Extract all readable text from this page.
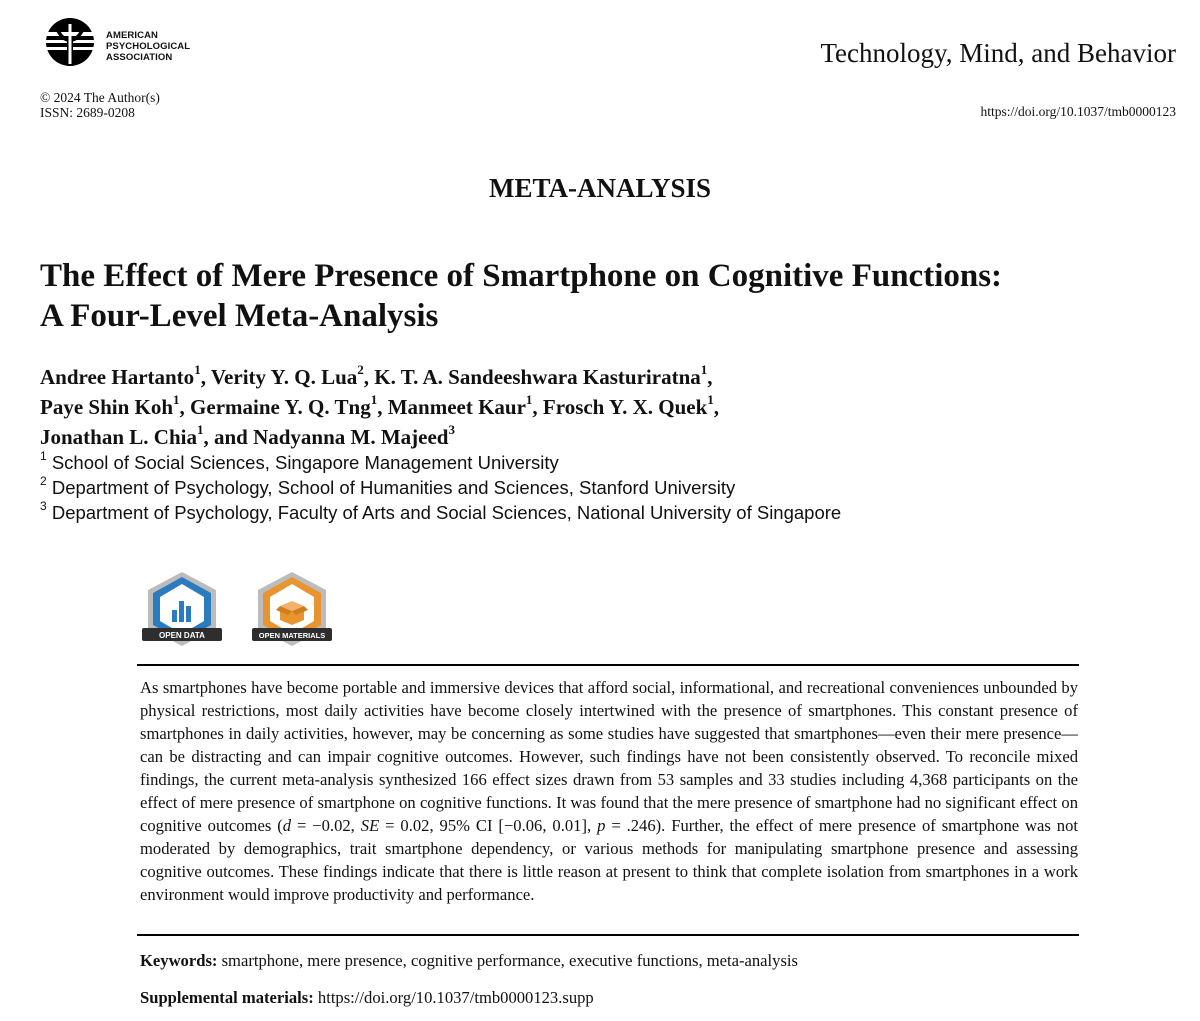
AMERICAN
PSYCHOLOGICAL
ASSOCIATION	Technology, Mind, and Behavior
© 2024 The Author(s)
ISSN: 2689-0208	https://doi.org/10.1037/tmb0000123
META-ANALYSIS
The Effect of Mere Presence of Smartphone on Cognitive Functions:
A Four-Level Meta-Analysis
Andree Hartanto$^1$, Verity Y. Q. Lua$^2$, K. T. A. Sandeeshwara Kasturiratna$^1$,
Paye Shin Koh$^1$, Germaine Y. Q. Tng$^1$, Manmeet Kaur$^1$, Frosch Y. X. Quek$^1$,
Jonathan L. Chia$^1$, and Nadyanna M. Majeed$^3$
$^1$ School of Social Sciences, Singapore Management University
$^2$ Department of Psychology, School of Humanities and Sciences, Stanford University
$^3$ Department of Psychology, Faculty of Arts and Social Sciences, National University of Singapore
OPEN DATA	OPEN MATERIALS
As smartphones have become portable and immersive devices that afford social, informational, and recreational conveniences unbounded by physical restrictions, most daily activities have become closely intertwined with the presence of smartphones. This constant presence of smartphones in daily activities, however, may be concerning as some studies have suggested that smartphones—even their mere presence—can be distracting and can impair cognitive outcomes. However, such findings have not been consistently observed. To reconcile mixed findings, the current meta-analysis synthesized 166 effect sizes drawn from 53 samples and 33 studies including 4,368 participants on the effect of mere presence of smartphone on cognitive functions. It was found that the mere presence of smartphone had no significant effect on cognitive outcomes (d = −0.02, SE = 0.02, 95% CI [−0.06, 0.01], p = .246). Further, the effect of mere presence of smartphone was not moderated by demographics, trait smartphone dependency, or various methods for manipulating smartphone presence and assessing cognitive outcomes. These findings indicate that there is little reason at present to think that complete isolation from smartphones in a work environment would improve productivity and performance.
Keywords: smartphone, mere presence, cognitive performance, executive functions, meta-analysis
Supplemental materials: https://doi.org/10.1037/tmb0000123.supp
